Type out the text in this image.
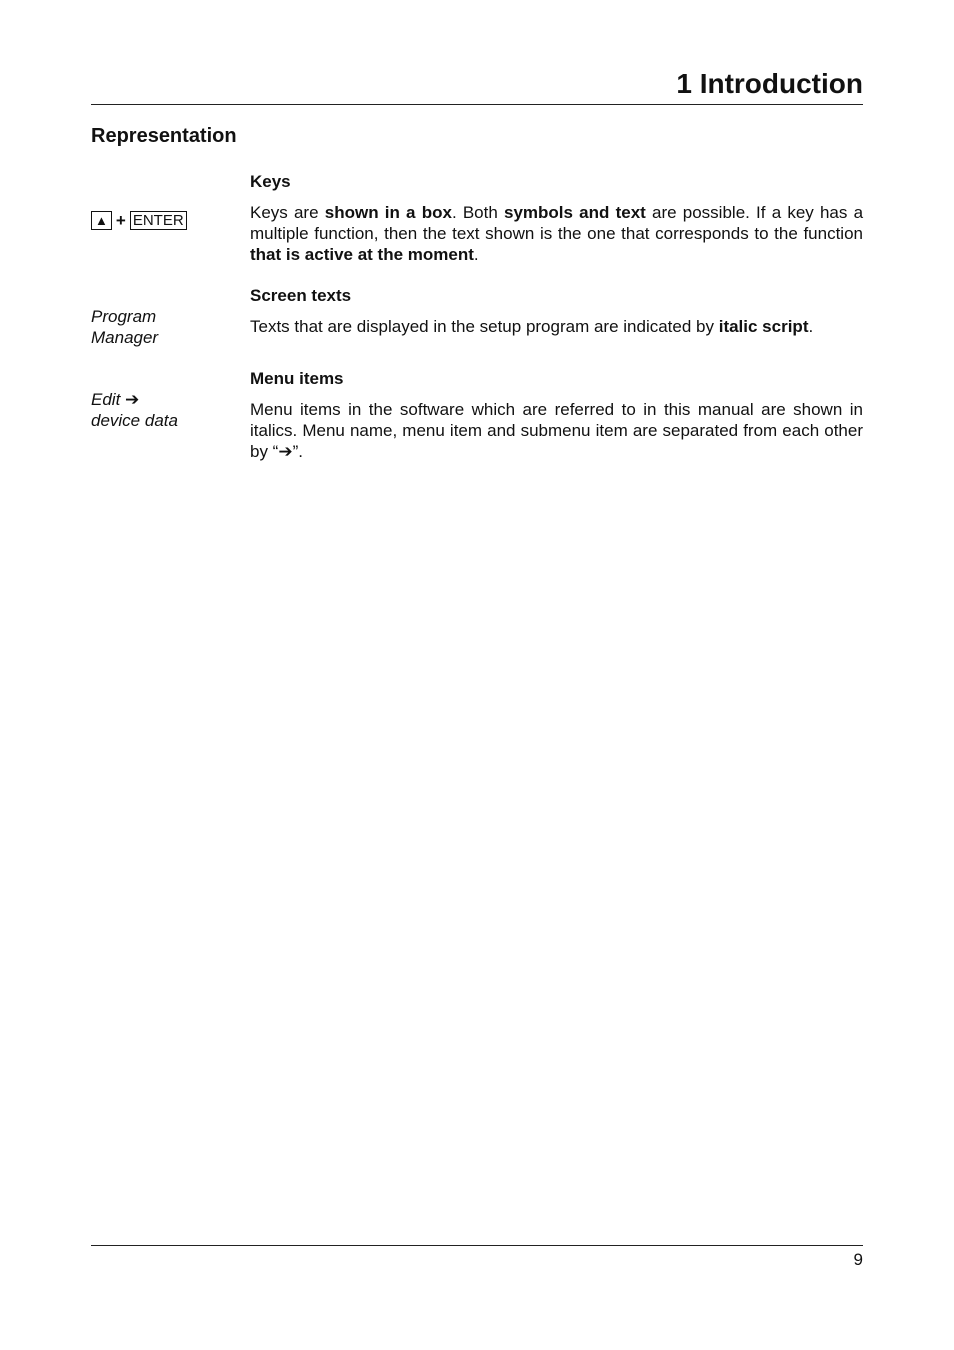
1 Introduction
Representation
▲ + ENTER

Keys

Keys are shown in a box. Both symbols and text are possible. If a key has a multiple function, then the text shown is the one that corresponds to the function that is active at the moment.

Program
Manager

Screen texts

Texts that are displayed in the setup program are indicated by italic script.

Edit ➔
device data

Menu items

Menu items in the software which are referred to in this manual are shown in italics. Menu name, menu item and submenu item are separated from each other by “➔”.

9
